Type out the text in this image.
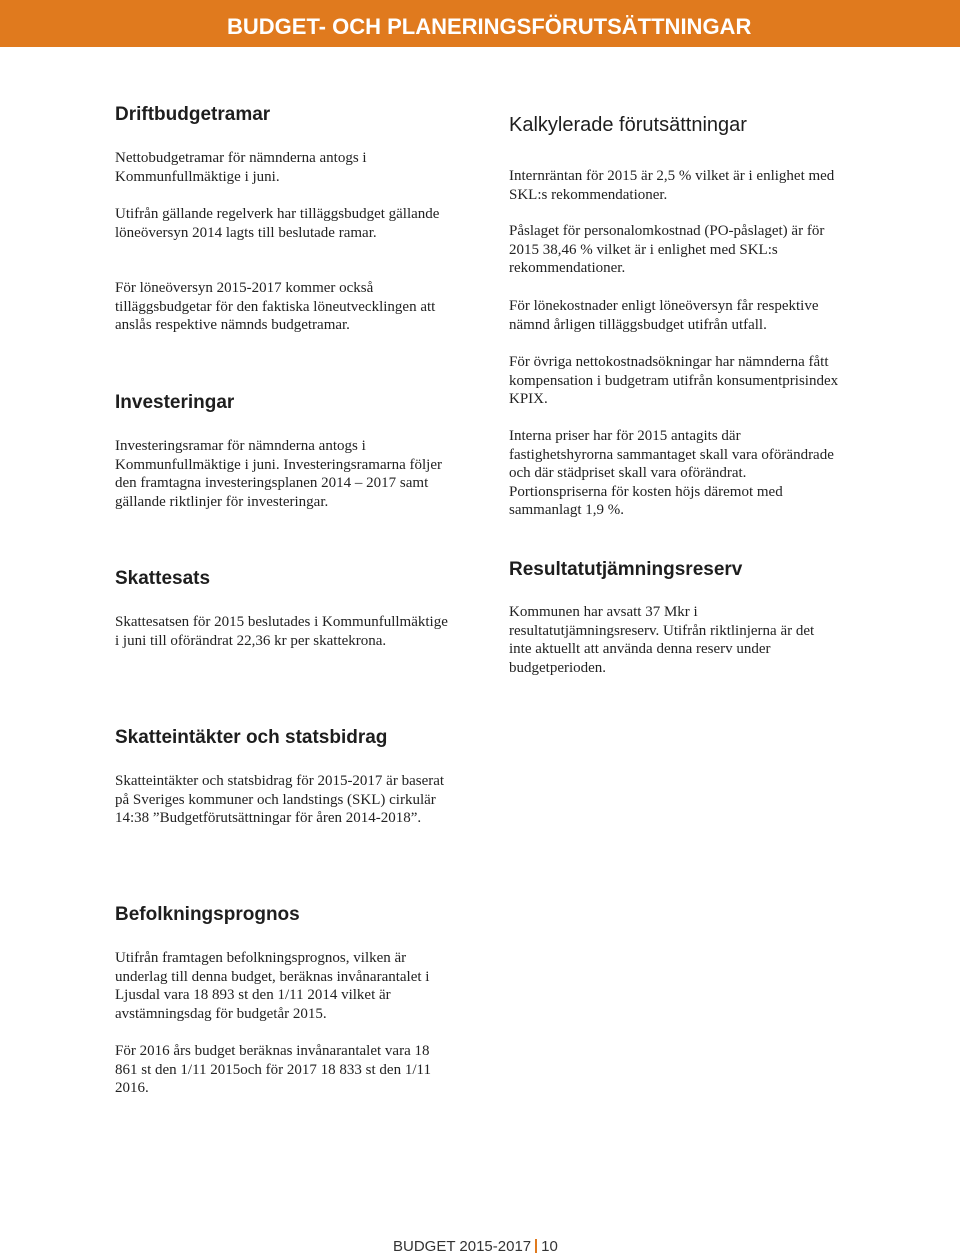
BUDGET- OCH PLANERINGSFÖRUTSÄTTNINGAR
Driftbudgetramar

Nettobudgetramar för nämnderna antogs i Kommunfullmäktige i juni.

Utifrån gällande regelverk har tilläggsbudget gällande löneöversyn 2014 lagts till beslutade ramar.

För löneöversyn 2015-2017 kommer också tilläggsbudgetar för den faktiska löneutvecklingen att anslås respektive nämnds budgetramar.

Investeringar

Investeringsramar för nämnderna antogs i Kommunfullmäktige i juni. Investeringsramarna följer den framtagna investeringsplanen 2014 – 2017 samt gällande riktlinjer för investeringar.

Skattesats

Skattesatsen för 2015 beslutades i Kommunfullmäktige i juni till oförändrat 22,36 kr per skattekrona.

Skatteintäkter och statsbidrag

Skatteintäkter och statsbidrag för 2015-2017 är baserat på Sveriges kommuner och landstings (SKL) cirkulär 14:38 ”Budgetförutsättningar för åren 2014-2018”.

Befolkningsprognos

Utifrån framtagen befolkningsprognos, vilken är underlag till denna budget, beräknas invånarantalet i Ljusdal vara 18 893 st den 1/11 2014 vilket är avstämningsdag för budgetår 2015.

För 2016 års budget beräknas invånarantalet vara 18 861 st den 1/11 2015och för 2017 18 833 st den 1/11 2016.

Kalkylerade förutsättningar

Internräntan för 2015 är 2,5 % vilket är i enlighet med SKL:s rekommendationer.

Påslaget för personalomkostnad (PO-påslaget) är för 2015 38,46 % vilket är i enlighet med SKL:s rekommendationer.

För lönekostnader enligt löneöversyn får respektive nämnd årligen tilläggsbudget utifrån utfall.

För övriga nettokostnadsökningar har nämnderna fått kompensation i budgetram utifrån konsumentprisindex KPIX.

Interna priser har för 2015 antagits där fastighetshyrorna sammantaget skall vara oförändrade och där städpriset skall vara oförändrat. Portionspriserna för kosten höjs däremot med sammanlagt 1,9 %.

Resultatutjämningsreserv

Kommunen har avsatt 37 Mkr i resultatutjämningsreserv. Utifrån riktlinjerna är det inte aktuellt att använda denna reserv under budgetperioden.

BUDGET 2015-2017 10
